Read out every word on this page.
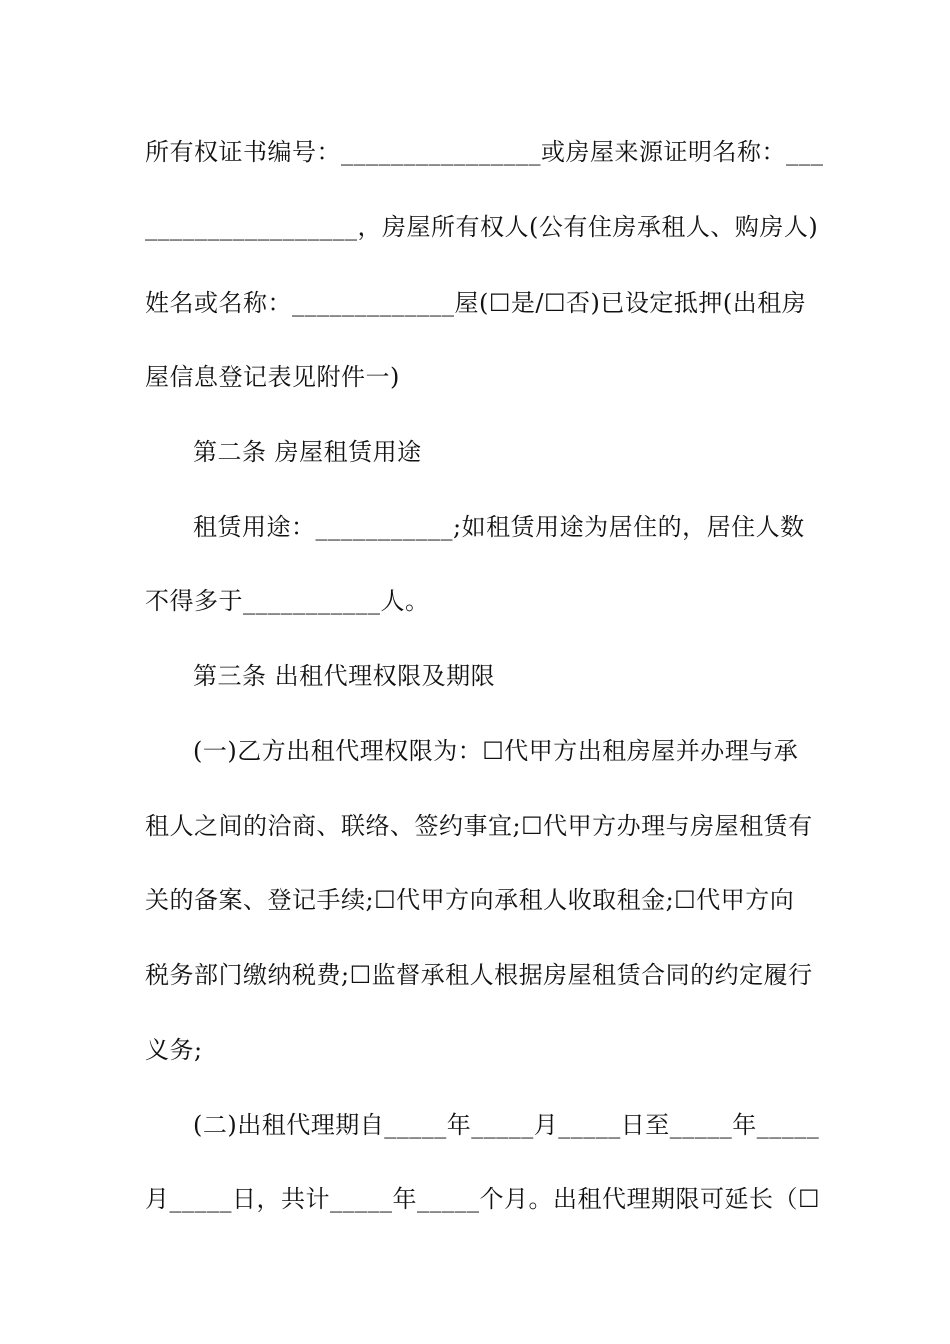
所有权证书编号：________________或房屋来源证明名称：___
_________________，房屋所有权人(公有住房承租人、购房人)
姓名或名称：_____________屋(☐是/☐否)已设定抵押(出租房
屋信息登记表见附件一)
第二条 房屋租赁用途
租赁用途：___________;如租赁用途为居住的，居住人数
不得多于___________人。
第三条 出租代理权限及期限
(一)乙方出租代理权限为：☐代甲方出租房屋并办理与承
租人之间的洽商、联络、签约事宜;☐代甲方办理与房屋租赁有
关的备案、登记手续;☐代甲方向承租人收取租金;☐代甲方向
税务部门缴纳税费;☐监督承租人根据房屋租赁合同的约定履行
义务;
(二)出租代理期自_____年_____月_____日至_____年_____
月_____日，共计_____年_____个月。出租代理期限可延长（☐
